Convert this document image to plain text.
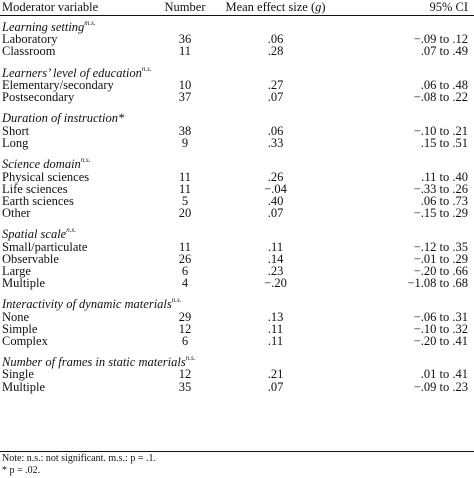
Moderator variable	Number	Mean effect size (g)	95% CI
Learning setting$^{m.s.}$
Laboratory	36	.06	−.09 to .12
Classroom	11	.28	.07 to .49
Learners’ level of education$^{n.s.}$
Elementary/secondary	10	.27	.06 to .48
Postsecondary	37	.07	−.08 to .22
Duration of instruction*
Short	38	.06	−.10 to .21
Long	9	.33	.15 to .51
Science domain$^{n.s.}$
Physical sciences	11	.26	.11 to .40
Life sciences	11	−.04	−.33 to .26
Earth sciences	5	.40	.06 to .73
Other	20	.07	−.15 to .29
Spatial scale$^{n.s.}$
Small/particulate	11	.11	−.12 to .35
Observable	26	.14	−.01 to .29
Large	6	.23	−.20 to .66
Multiple	4	−.20	−1.08 to .68
Interactivity of dynamic materials$^{n.s.}$
None	29	.13	−.06 to .31
Simple	12	.11	−.10 to .32
Complex	6	.11	−.20 to .41
Number of frames in static materials$^{n.s.}$
Single	12	.21	.01 to .41
Multiple	35	.07	−.09 to .23
Note: n.s.: not significant. m.s.: p = .1.
* p = .02.
